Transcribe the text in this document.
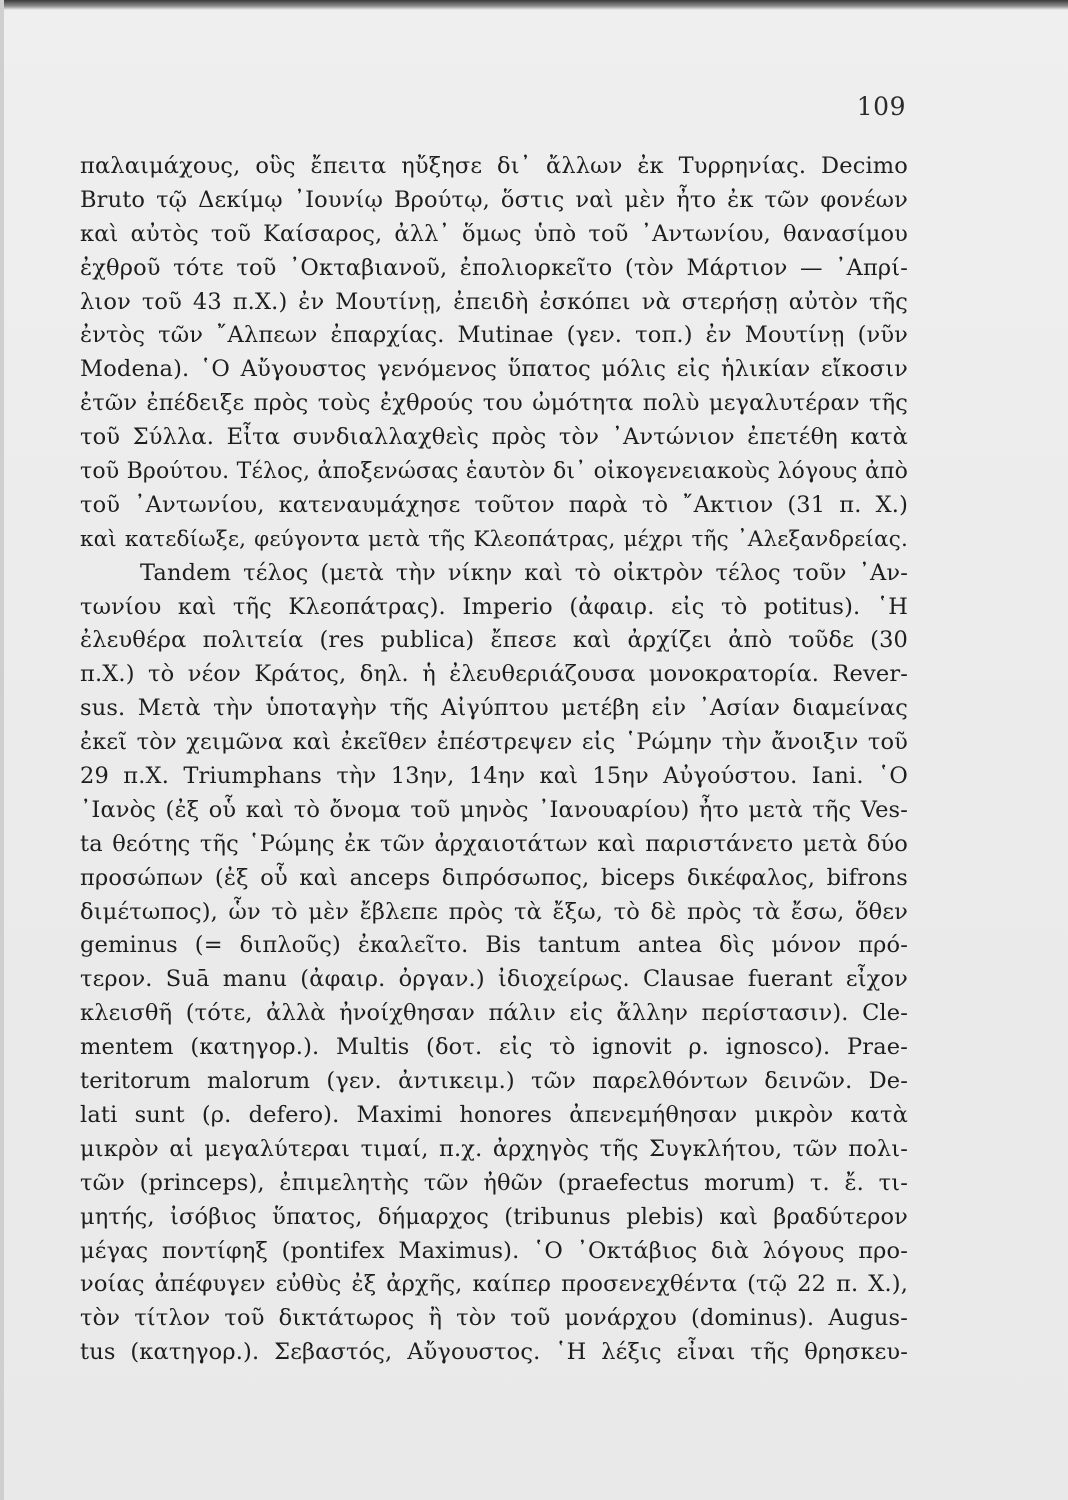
109
παλαιμάχους, οὓς ἔπειτα ηὔξησε δι᾽ ἄλλων ἐκ Τυρρηνίας. Decimo
Bruto τῷ Δεκίμῳ ᾽Ιουνίῳ Βρούτῳ, ὅστις ναὶ μὲν ἦτο ἐκ τῶν φονέων
καὶ αὐτὸς τοῦ Καίσαρος, ἀλλ᾽ ὅμως ὑπὸ τοῦ ᾽Αντωνίου, θανασίμου
ἐχθροῦ τότε τοῦ ᾽Οκταβιανοῦ, ἐπολιορκεῖτο (τὸν Μάρτιον — ᾽Απρί-
λιον τοῦ 43 π.Χ.) ἐν Μουτίνῃ, ἐπειδὴ ἐσκόπει νὰ στερήσῃ αὐτὸν τῆς
ἐντὸς τῶν ῎Αλπεων ἐπαρχίας. Mutinae (γεν. τοπ.) ἐν Μουτίνῃ (νῦν
Modena). ῾Ο Αὔγουστος γενόμενος ὕπατος μόλις εἰς ἡλικίαν εἴκοσιν
ἐτῶν ἐπέδειξε πρὸς τοὺς ἐχθρούς του ὠμότητα πολὺ μεγαλυτέραν τῆς
τοῦ Σύλλα. Εἶτα συνδιαλλαχθεὶς πρὸς τὸν ᾽Αντώνιον ἐπετέθη κατὰ
τοῦ Βρούτου. Τέλος, ἀποξενώσας ἑαυτὸν δι᾽ οἰκογενειακοὺς λόγους ἀπὸ
τοῦ ᾽Αντωνίου, κατεναυμάχησε τοῦτον παρὰ τὸ ῎Ακτιον (31 π. Χ.)
καὶ κατεδίωξε, φεύγοντα μετὰ τῆς Κλεοπάτρας, μέχρι τῆς ᾽Αλεξανδρείας.
Tandem τέλος (μετὰ τὴν νίκην καὶ τὸ οἰκτρὸν τέλος τοῦν ᾽Αν-
τωνίου καὶ τῆς Κλεοπάτρας). Imperio (ἀφαιρ. εἰς τὸ potitus). ῾Η
ἐλευθέρα πολιτεία (res publica) ἔπεσε καὶ ἀρχίζει ἀπὸ τοῦδε (30
π.Χ.) τὸ νέον Κράτος, δηλ. ἡ ἐλευθεριάζουσα μονοκρατορία. Rever-
sus. Μετὰ τὴν ὑποταγὴν τῆς Αἰγύπτου μετέβη εἰν ᾽Ασίαν διαμείνας
ἐκεῖ τὸν χειμῶνα καὶ ἐκεῖθεν ἐπέστρεψεν εἰς ῾Ρώμην τὴν ἄνοιξιν τοῦ
29 π.Χ. Triumphans τὴν 13ην, 14ην καὶ 15ην Αὐγούστου. Iani. ῾Ο
᾽Ιανὸς (ἐξ οὗ καὶ τὸ ὄνομα τοῦ μηνὸς ᾽Ιανουαρίου) ἦτο μετὰ τῆς Ves-
ta θεότης τῆς ῾Ρώμης ἐκ τῶν ἀρχαιοτάτων καὶ παριστάνετο μετὰ δύο
προσώπων (ἐξ οὗ καὶ anceps διπρόσωπος, biceps δικέφαλος, bifrons
διμέτωπος), ὧν τὸ μὲν ἔβλεπε πρὸς τὰ ἔξω, τὸ δὲ πρὸς τὰ ἔσω, ὅθεν
geminus (= διπλοῦς) ἐκαλεῖτο. Bis tantum antea δὶς μόνον πρό-
τερον. Suā manu (ἀφαιρ. ὀργαν.) ἰδιοχείρως. Clausae fuerant εἶχον
κλεισθῆ (τότε, ἀλλὰ ἠνοίχθησαν πάλιν εἰς ἄλλην περίστασιν). Cle-
mentem (κατηγορ.). Multis (δοτ. εἰς τὸ ignovit ρ. ignosco). Prae-
teritorum malorum (γεν. ἀντικειμ.) τῶν παρελθόντων δεινῶν. De-
lati sunt (ρ. defero). Maximi honores ἀπενεμήθησαν μικρὸν κατὰ
μικρὸν αἱ μεγαλύτεραι τιμαί, π.χ. ἀρχηγὸς τῆς Συγκλήτου, τῶν πολι-
τῶν (princeps), ἐπιμελητὴς τῶν ἠθῶν (praefectus morum) τ. ἔ. τι-
μητής, ἰσόβιος ὕπατος, δήμαρχος (tribunus plebis) καὶ βραδύτερον
μέγας ποντίφηξ (pontifex Maximus). ῾Ο ᾽Οκτάβιος διὰ λόγους προ-
νοίας ἀπέφυγεν εὐθὺς ἐξ ἀρχῆς, καίπερ προσενεχθέντα (τῷ 22 π. Χ.),
τὸν τίτλον τοῦ δικτάτωρος ἢ τὸν τοῦ μονάρχου (dominus). Augus-
tus (κατηγορ.). Σεβαστός, Αὔγουστος. ῾Η λέξις εἶναι τῆς θρησκευ-
